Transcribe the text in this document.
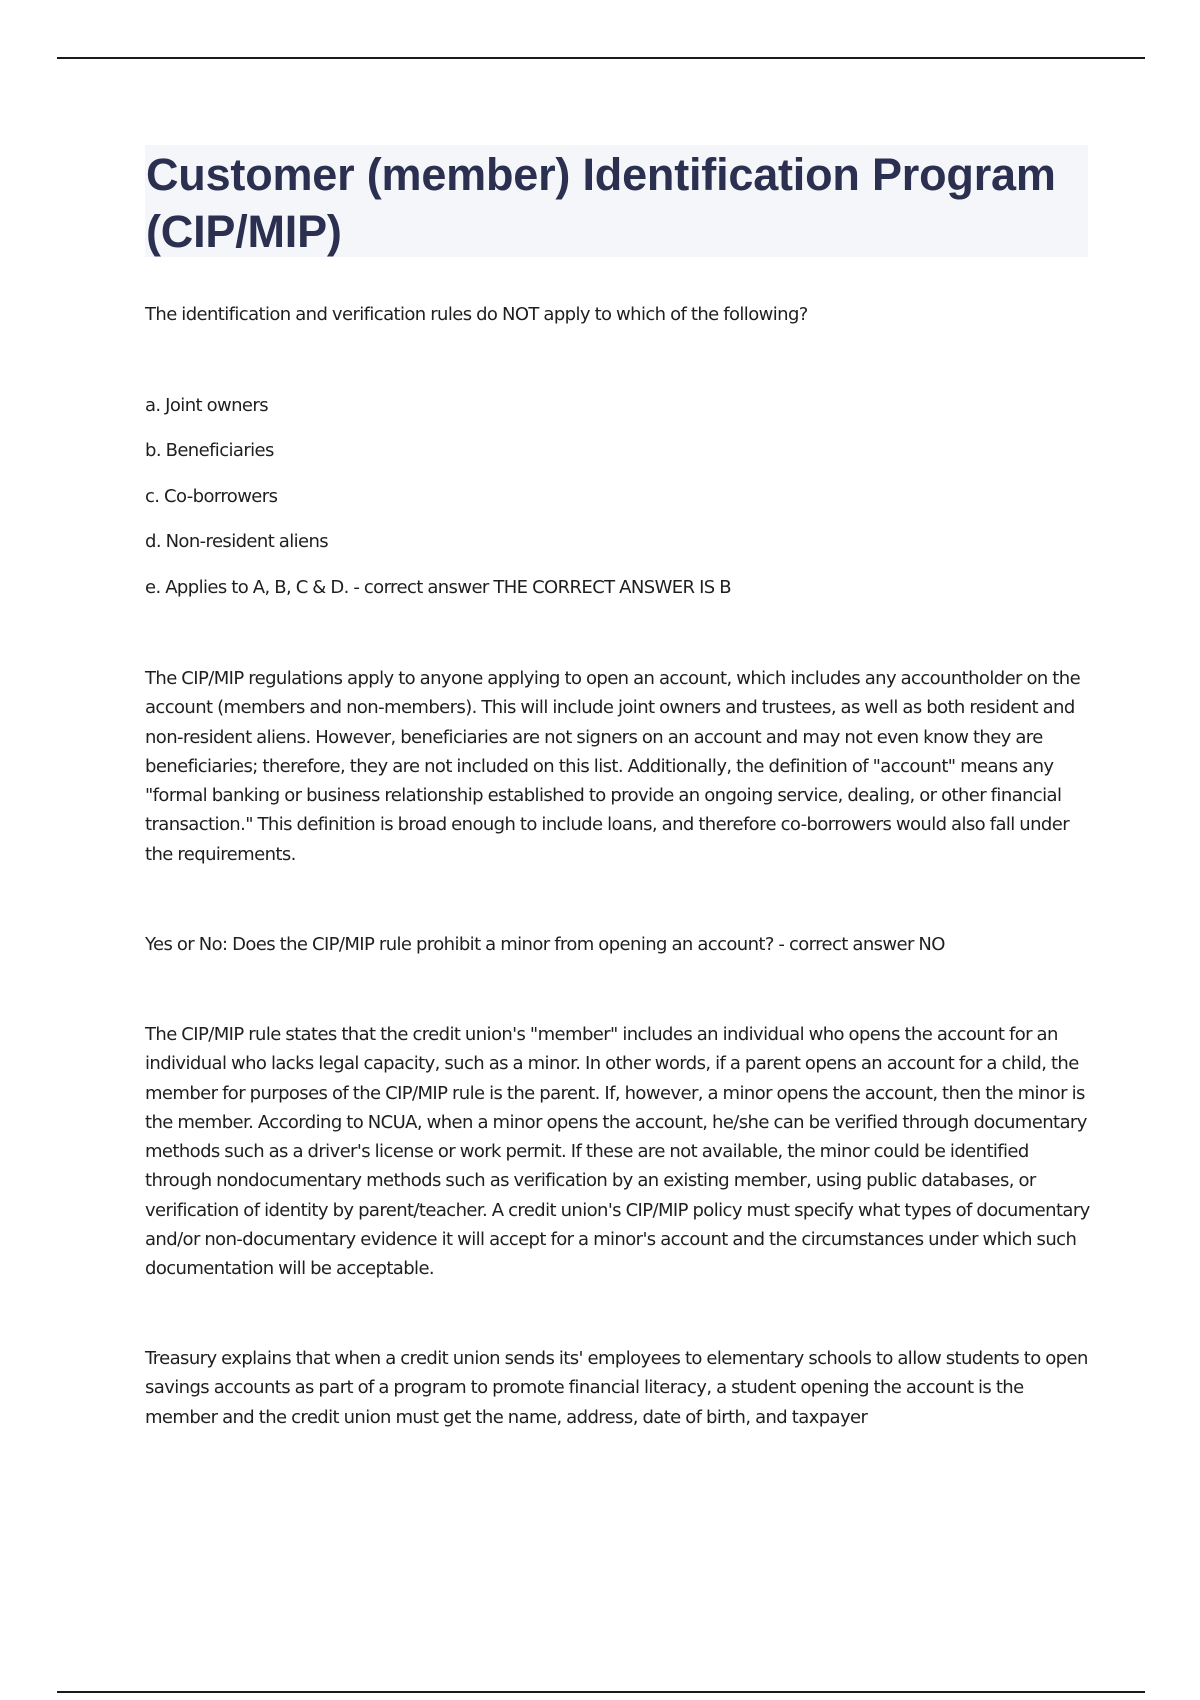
Customer (member) Identification Program (CIP/MIP)

The identification and verification rules do NOT apply to which of the following?

a. Joint owners

b. Beneficiaries

c. Co-borrowers

d. Non-resident aliens

e. Applies to A, B, C & D. - correct answer THE CORRECT ANSWER IS B

The CIP/MIP regulations apply to anyone applying to open an account, which includes any accountholder on the account (members and non-members). This will include joint owners and trustees, as well as both resident and non-resident aliens. However, beneficiaries are not signers on an account and may not even know they are beneficiaries; therefore, they are not included on this list. Additionally, the definition of "account" means any "formal banking or business relationship established to provide an ongoing service, dealing, or other financial transaction." This definition is broad enough to include loans, and therefore co-borrowers would also fall under the requirements.

Yes or No: Does the CIP/MIP rule prohibit a minor from opening an account? - correct answer NO

The CIP/MIP rule states that the credit union's "member" includes an individual who opens the account for an individual who lacks legal capacity, such as a minor. In other words, if a parent opens an account for a child, the member for purposes of the CIP/MIP rule is the parent. If, however, a minor opens the account, then the minor is the member. According to NCUA, when a minor opens the account, he/she can be verified through documentary methods such as a driver's license or work permit. If these are not available, the minor could be identified through nondocumentary methods such as verification by an existing member, using public databases, or verification of identity by parent/teacher. A credit union's CIP/MIP policy must specify what types of documentary and/or non-documentary evidence it will accept for a minor's account and the circumstances under which such documentation will be acceptable.

Treasury explains that when a credit union sends its' employees to elementary schools to allow students to open savings accounts as part of a program to promote financial literacy, a student opening the account is the member and the credit union must get the name, address, date of birth, and taxpayer
